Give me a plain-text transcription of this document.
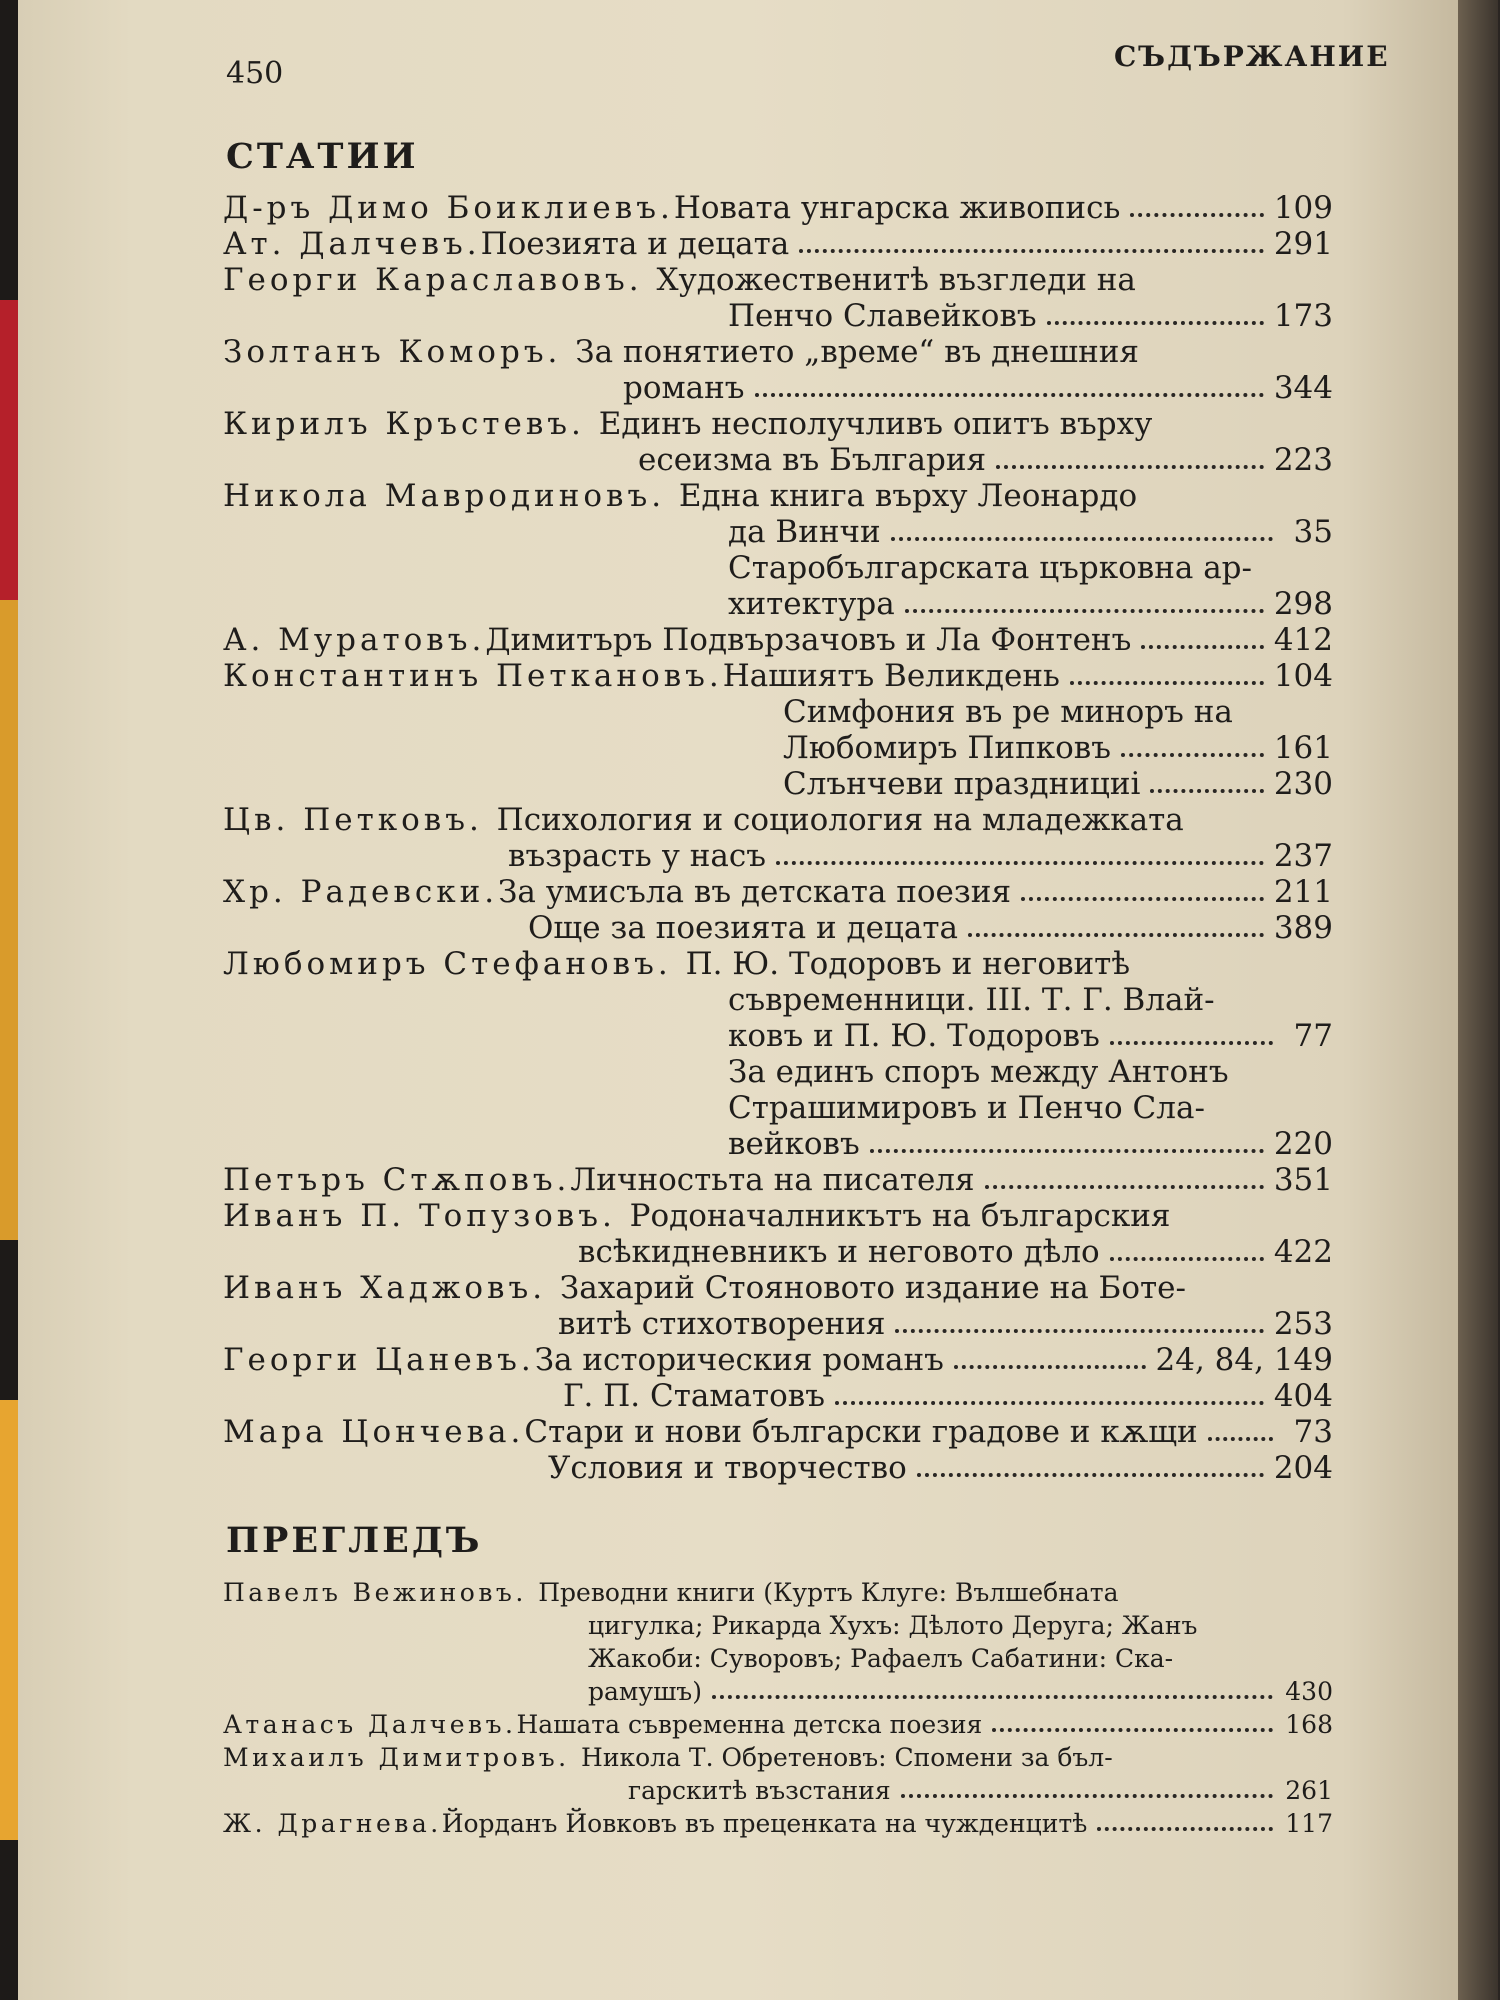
450	СЪДЪРЖАНИЕ
СТАТИИ
Д-ръ Димо Боиклиевъ. Новата унгарска живопись	109
Ат. Далчевъ. Поезията и децата	291
Георги Караславовъ. Художественитѣ възгледи на
Пенчо Славейковъ	173
Золтанъ Коморъ. За понятието „време“ въ днешния
романъ	344
Кирилъ Кръстевъ. Единъ несполучливъ опитъ върху
есеизма въ България	223
Никола Мавродиновъ. Една книга върху Леонардо
да Винчи	35
Старобългарската църковна ар-
хитектура	298
А. Муратовъ. Димитъръ Подвързачовъ и Ла Фонтенъ	412
Константинъ Петкановъ. Нашиятъ Великдень	104
Симфония въ ре миноръ на
Любомиръ Пипковъ	161
Слънчеви празднициi	230
Цв. Петковъ. Психология и социология на младежката
възрасть у насъ	237
Хр. Радевски. За умисъла въ детската поезия	211
Още за поезията и децата	389
Любомиръ Стефановъ. П. Ю. Тодоровъ и неговитѣ
съвременници. III. Т. Г. Влай-
ковъ и П. Ю. Тодоровъ	77
За единъ споръ между Антонъ
Страшимировъ и Пенчо Сла-
вейковъ	220
Петъръ Стѫповъ. Личностьта на писателя	351
Иванъ П. Топузовъ. Родоначалникътъ на българския
всѣкидневникъ и неговото дѣло	422
Иванъ Хаджовъ. Захарий Стояновото издание на Боте-
витѣ стихотворения	253
Георги Цаневъ. За историческия романъ	24, 84, 149
Г. П. Стаматовъ	404
Мара Цончева. Стари и нови български градове и кѫщи	73
Условия и творчество	204
ПРЕГЛЕДЪ
Павелъ Вежиновъ. Преводни книги (Куртъ Клуге: Вълшебната
цигулка; Рикарда Хухъ: Дѣлото Деруга; Жанъ
Жакоби: Суворовъ; Рафаелъ Сабатини: Ска-
рамушъ)	430
Атанасъ Далчевъ. Нашата съвременна детска поезия	168
Михаилъ Димитровъ. Никола Т. Обретеновъ: Спомени за бъл-
гарскитѣ възстания	261
Ж. Драгнева. Йорданъ Йовковъ въ преценката на чужденцитѣ	117
